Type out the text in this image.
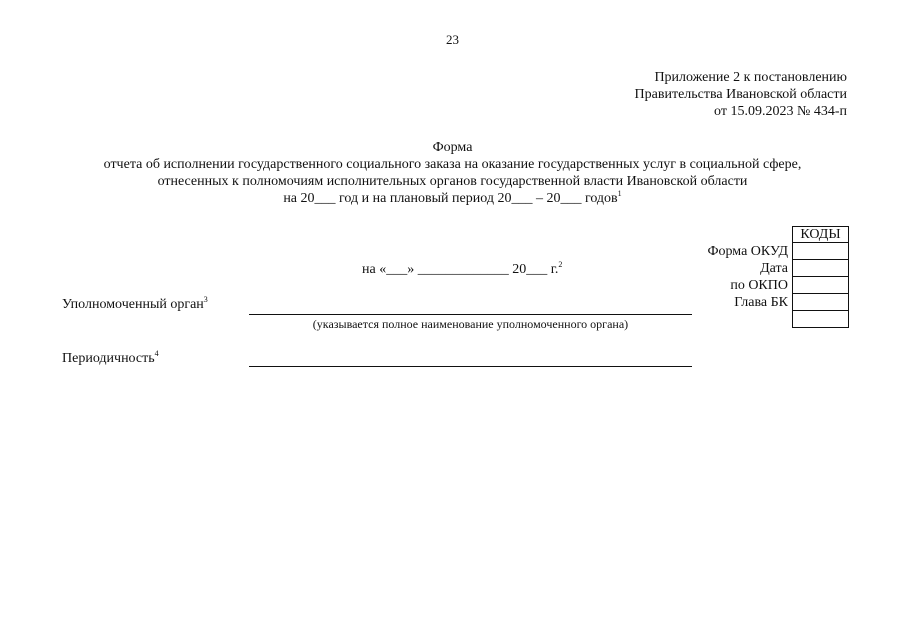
23
Приложение 2 к постановлению
Правительства Ивановской области
от 15.09.2023 № 434-п
Форма
отчета об исполнении государственного социального заказа на оказание государственных услуг в социальной сфере,
отнесенных к полномочиям исполнительных органов государственной власти Ивановской области
на 20___ год и на плановый период 20___ – 20___ годов$^1$
КОДЫ
Форма ОКУД
Дата
по ОКПО
Глава БК
на «___» _____________ 20___ г.$^2$
Уполномоченный орган$^3$
(указывается полное наименование уполномоченного органа)
Периодичность$^4$
